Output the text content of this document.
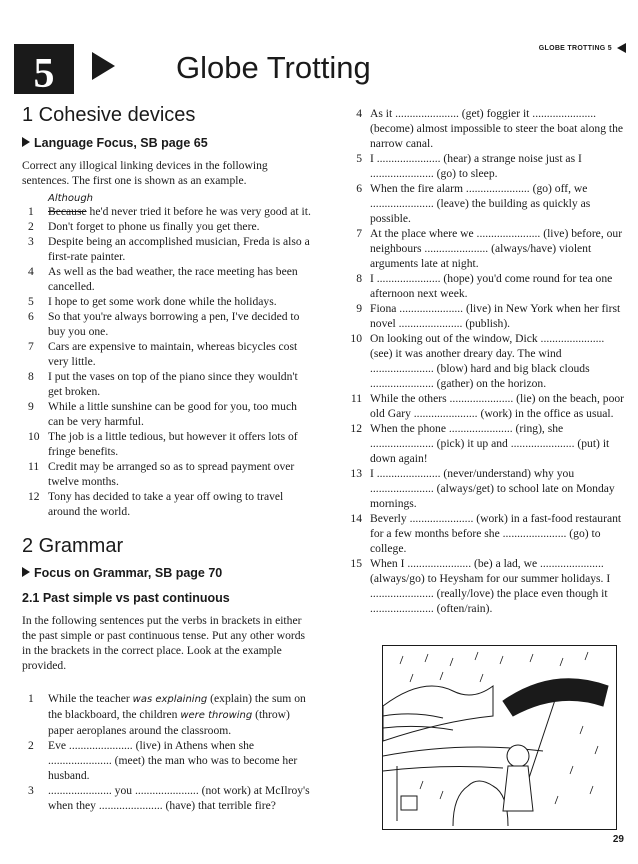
GLOBE TROTTING 5
5	Globe Trotting
1 Cohesive devices
Language Focus, SB page 65

Correct any illogical linking devices in the following sentences. The first one is shown as an example.

Although
1	Because he'd never tried it before he was very good at it.
2	Don't forget to phone us finally you get there.
3	Despite being an accomplished musician, Freda is also a first-rate painter.
4	As well as the bad weather, the race meeting has been cancelled.
5	I hope to get some work done while the holidays.
6	So that you're always borrowing a pen, I've decided to buy you one.
7	Cars are expensive to maintain, whereas bicycles cost very little.
8	I put the vases on top of the piano since they wouldn't get broken.
9	While a little sunshine can be good for you, too much can be very harmful.
10 The job is a little tedious, but however it offers lots of fringe benefits.
11 Credit may be arranged so as to spread payment over twelve months.
12 Tony has decided to take a year off owing to travel around the world.
2 Grammar
Focus on Grammar, SB page 70
2.1 Past simple vs past continuous

In the following sentences put the verbs in brackets in either the past simple or past continuous tense. Put any other words in the brackets in the correct place. Look at the example provided.

1	While the teacher was explaining (explain) the sum on the blackboard, the children were throwing (throw) paper aeroplanes around the classroom.
2	Eve ...................... (live) in Athens when she ...................... (meet) the man who was to become her husband.
3	...................... you ...................... (not work) at McIlroy's when they ...................... (have) that terrible fire?
4 As it ...................... (get) foggier it ...................... (become) almost impossible to steer the boat along the narrow canal.
5 I ...................... (hear) a strange noise just as I ...................... (go) to sleep.
6 When the fire alarm ...................... (go) off, we ...................... (leave) the building as quickly as possible.
7 At the place where we ...................... (live) before, our neighbours ...................... (always/have) violent arguments late at night.
8 I ...................... (hope) you'd come round for tea one afternoon next week.
9 Fiona ...................... (live) in New York when her first novel ...................... (publish).
10 On looking out of the window, Dick ...................... (see) it was another dreary day. The wind ...................... (blow) hard and big black clouds ...................... (gather) on the horizon.
11 While the others ...................... (lie) on the beach, poor old Gary ...................... (work) in the office as usual.
12 When the phone ...................... (ring), she ...................... (pick) it up and ...................... (put) it down again!
13 I ...................... (never/understand) why you ...................... (always/get) to school late on Monday mornings.
14 Beverly ...................... (work) in a fast-food restaurant for a few months before she ...................... (go) to college.
15 When I ...................... (be) a lad, we ...................... (always/go) to Heysham for our summer holidays. I ...................... (really/love) the place even though it ...................... (often/rain).
29
